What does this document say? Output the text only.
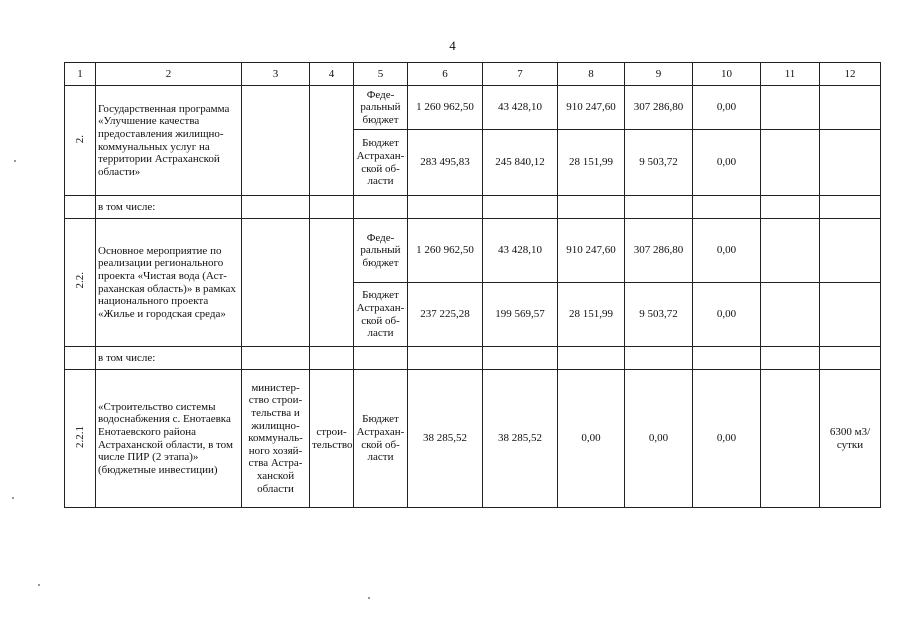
4
1	2	3	4	5	6	7	8	9	10	11	12
2.	Государственная программа «Улучшение качества предоставления жилищно-коммунальных услуг на территории Астраханской области»			Феде-ральный бюджет	1 260 962,50	43 428,10	910 247,60	307 286,80	0,00		
				Бюджет Астрахан-ской об-ласти	283 495,83	245 840,12	28 151,99	9 503,72	0,00		
	в том числе:										
2.2.	Основное мероприятие по реализации регионального проекта «Чистая вода (Аст-раханская область)» в рамках национального проекта «Жилье и городская среда»			Феде-ральный бюджет	1 260 962,50	43 428,10	910 247,60	307 286,80	0,00		
				Бюджет Астрахан-ской об-ласти	237 225,28	199 569,57	28 151,99	9 503,72	0,00		
	в том числе:										
2.2.1	«Строительство системы водоснабжения с. Енотаевка Енотаевского района Астраханской области, в том числе ПИР (2 этапа)» (бюджетные инвестиции)	министер-ство строи-тельства и жилищно-коммуналь-ного хозяй-ства Астра-ханской области	строи-тельство	Бюджет Астрахан-ской об-ласти	38 285,52	38 285,52	0,00	0,00	0,00		6300 м3/сутки
